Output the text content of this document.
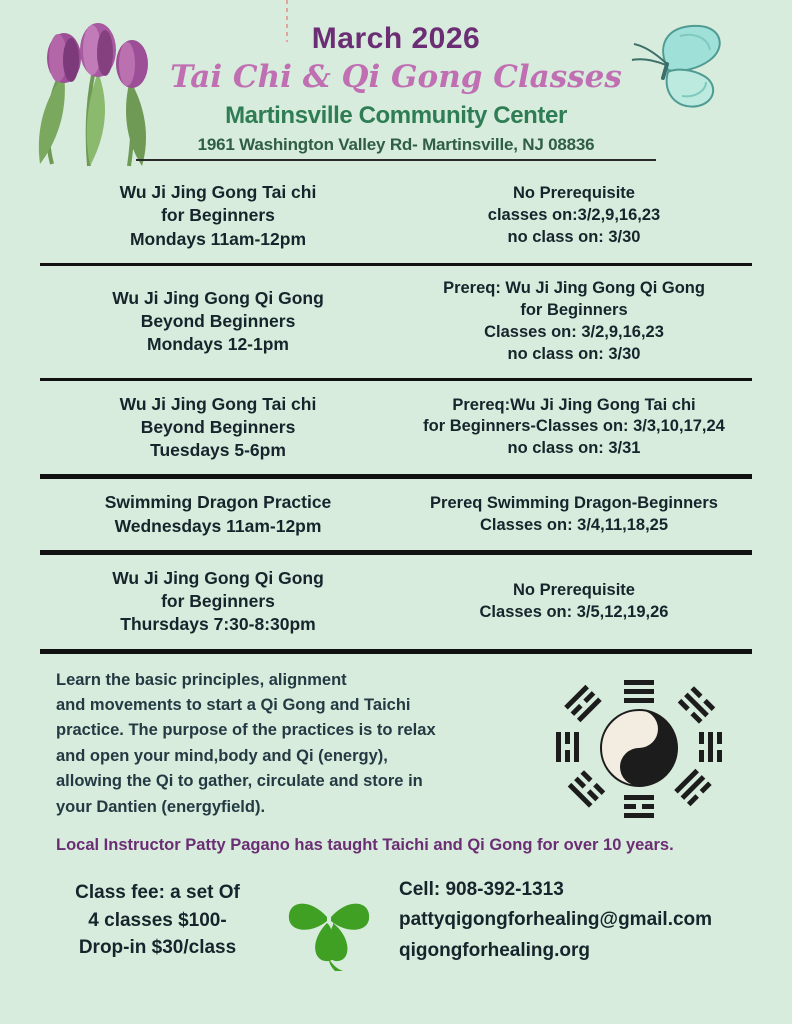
March 2026
Tai Chi & Qi Gong Classes
Martinsville Community Center
1961 Washington Valley Rd- Martinsville, NJ 08836
Wu Ji Jing Gong Tai chi
for Beginners
Mondays 11am-12pm
No Prerequisite
classes on:3/2,9,16,23
no class on: 3/30
Wu Ji Jing Gong Qi Gong
Beyond Beginners
Mondays 12-1pm
Prereq: Wu Ji Jing Gong Qi Gong
for Beginners
Classes on: 3/2,9,16,23
no class on: 3/30
Wu Ji Jing Gong Tai chi
Beyond Beginners
Tuesdays 5-6pm
Prereq:Wu Ji Jing Gong Tai chi
for Beginners-Classes on: 3/3,10,17,24
no class on: 3/31
Swimming Dragon Practice
Wednesdays 11am-12pm
Prereq Swimming Dragon-Beginners
Classes on: 3/4,11,18,25
Wu Ji Jing Gong Qi Gong
for Beginners
Thursdays 7:30-8:30pm
No Prerequisite
Classes on: 3/5,12,19,26
Learn the basic principles, alignment
and movements to start a Qi Gong and Taichi
practice. The purpose of the practices is to relax
and open your mind,body and Qi (energy),
allowing the Qi to gather, circulate and store in
your Dantien (energyfield).
Local Instructor Patty Pagano has taught Taichi and Qi Gong for over 10 years.
Class fee: a set Of
4 classes $100-
Drop-in $30/class
Cell: 908-392-1313
pattyqigongforhealing@gmail.com
qigongforhealing.org
